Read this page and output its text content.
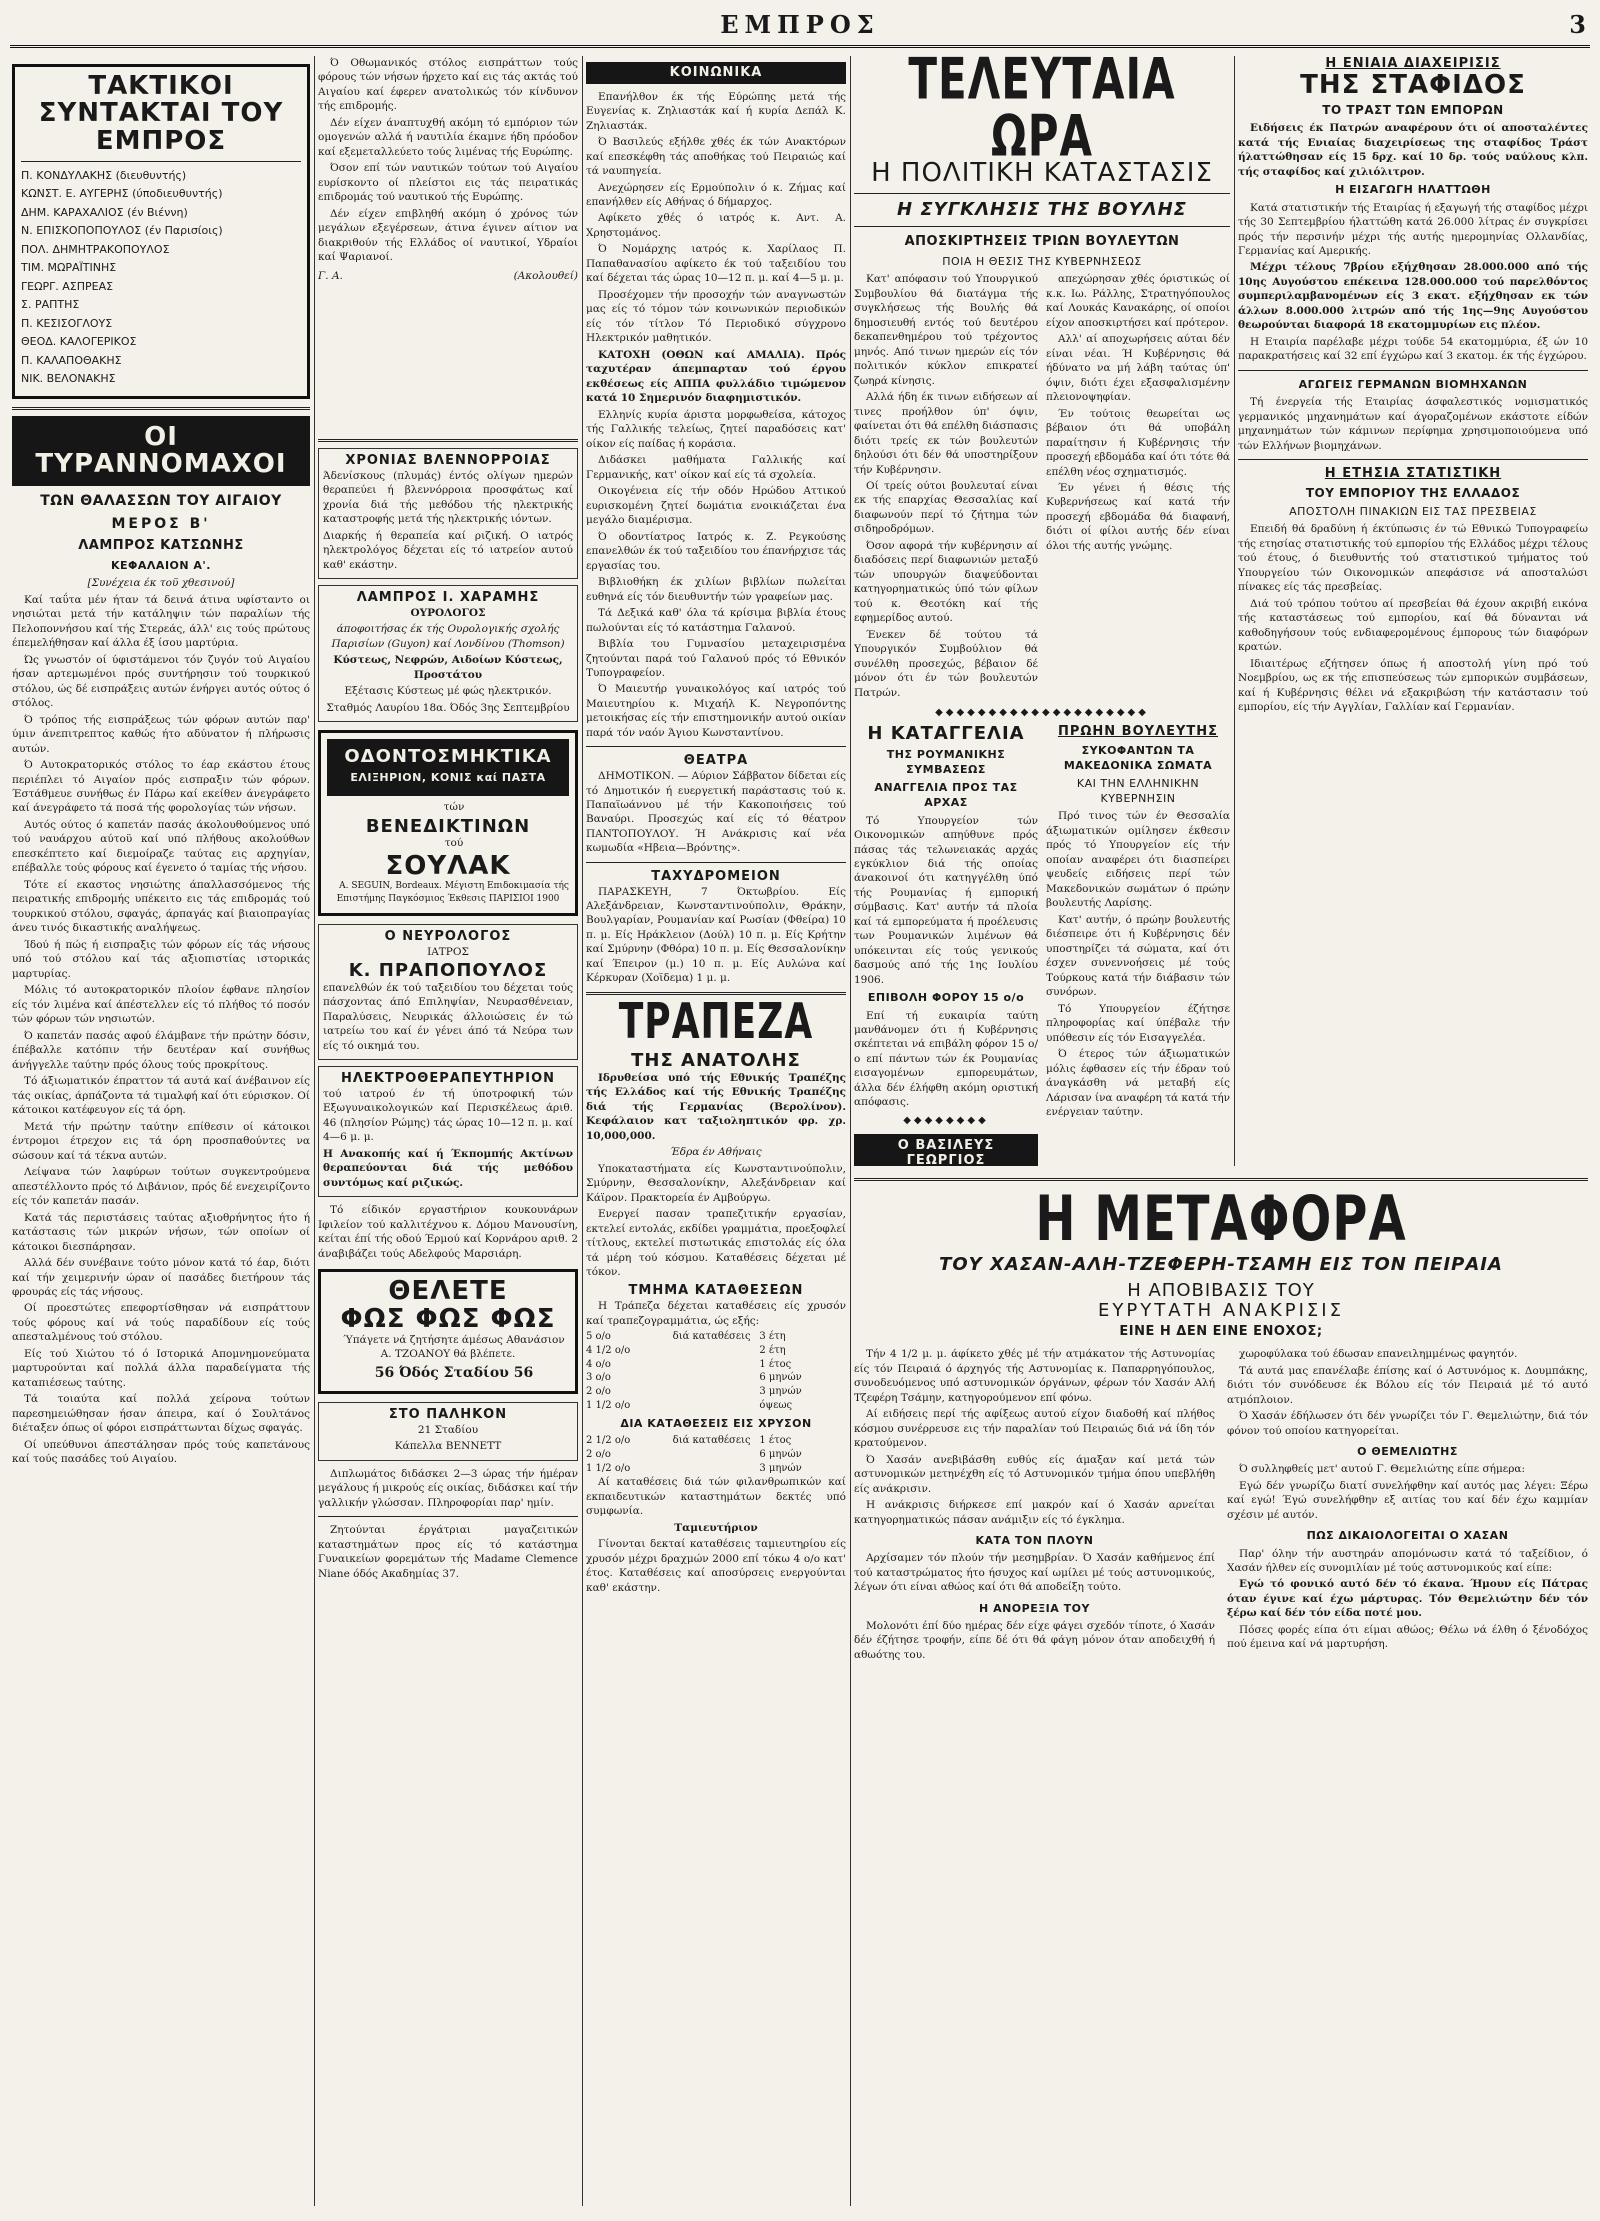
ΕΜΠΡΟΣ	3
ΤΑΚΤΙΚΟΙ ΣΥΝΤΑΚΤΑΙ ΤΟΥ ΕΜΠΡΟΣ

Π. ΚΟΝΔΥΛΑΚΗΣ (διευθυντής)

ΚΩΝΣΤ. Ε. ΑΥΓΕΡΗΣ (ύποδιευθυντής)

ΔΗΜ. ΚΑΡΑΧΑΛΙΟΣ (έν Βιέννη)

Ν. ΕΠΙΣΚΟΠΟΠΟΥΛΟΣ (έν Παρισίοις)

ΠΟΛ. ΔΗΜΗΤΡΑΚΟΠΟΥΛΟΣ

ΤΙΜ. ΜΩΡΑΪΤΙΝΗΣ

ΓΕΩΡΓ. ΑΣΠΡΕΑΣ

Σ. ΡΑΠΤΗΣ

Π. ΚΕΣΙΣΟΓΛΟΥΣ

ΘΕΟΔ. ΚΑΛΟΓΕΡΙΚΟΣ

Π. ΚΑΛΑΠΟΘΑΚΗΣ

ΝΙΚ. ΒΕΛΟΝΑΚΗΣ

ΟΙ ΤΥΡΑΝΝΟΜΑΧΟΙ
ΤΩΝ ΘΑΛΑΣΣΩΝ ΤΟΥ ΑΙΓΑΙΟΥ
ΜΕΡΟΣ Β'
ΛΑΜΠΡΟΣ ΚΑΤΣΩΝΗΣ
ΚΕΦΑΛΑΙΟΝ Α'.

[Συνέχεια έκ τοϋ χθεσινού]

Καί ταΰτα μέν ήταν τά δεινά άτινα υφίσταντο οι νησιώται μετά τήν κατάληψιν τών παραλίων τής Πελοποννήσου καί τής Στερεάς, άλλ' εις τούς πρώτους έπεμελήθησαν καί άλλα έξ ίσου μαρτύρια.

Ώς γνωστόν οί ύφιστάμενοι τόν ζυγόν τού Αιγαίου ήσαν αρτεμωμένοι πρός συντήρησιν τού τουρκικού στόλου, ώς δέ εισπράξεις αυτών ένήργει αυτός ούτος ό στόλος.

Ό τρόπος τής εισπράξεως τών φόρων αυτών παρ' ύμιν άνεπιτρεπτος καθώς ήτο αδύνατον ή πλήρωσις αυτών.

Ό Αυτοκρατορικός στόλος το έαρ εκάστου έτους περιέπλει τό Αιγαίον πρός εισπραξιν τών φόρων. Έστάθμευε συνήθως έν Πάρω καί εκείθεν άνεγράφετο καί άνεγράφετο τά ποσά τής φορολογίας τών νήσων.

Αυτός ούτος ό καπετάν πασάς άκολουθούμενος υπό τού ναυάρχου αύτοϋ καί υπό πλήθους ακολούθων επεσκέπτετο καί διεμοίραζε ταύτας εις αρχηγίαν, επέβαλλε τούς φόρους καί έγενετο ό ταμίας τής νήσου.

Τότε εί εκαστος νησιώτης άπαλλασσόμενος τής πειρατικής επιδρομής υπέκειτο εις τάς επιδρομάς τού τουρκικού στόλου, σφαγάς, άρπαγάς καί βιαιοπραγίας άνευ τινός δικαστικής αναλήψεως.

Ίδού ή πώς ή εισπραξις τών φόρων είς τάς νήσους υπό τού στόλου καί τάς αξιοπιστίας ιστορικάς μαρτυρίας.

Μόλις τό αυτοκρατορικόν πλοίον έφθανε πλησίον είς τόν λιμένα καί άπέστελλεν είς τό πλήθος τό ποσόν τών φόρων τών νησιωτών.

Ό καπετάν πασάς αφού έλάμβανε τήν πρώτην δόσιν, έπέβαλλε κατόπιν τήν δευτέραν καί συνήθως άνήγγελλε ταύτην πρός όλους τούς προκρίτους.

Τό άξιωματικόν έπραττον τά αυτά καί άνέβαινον είς τάς οικίας, άρπάζοντα τά τιμαλφή καί ότι εύρισκον. Οί κάτοικοι κατέφευγον είς τά όρη.

Μετά τήν πρώτην ταύτην επίθεσιν οί κάτοικοι έντρομοι έτρεχον εις τά όρη προσπαθούντες να σώσουν καί τά τέκνα αυτών.

Λείψανα τών λαφύρων τούτων συγκεντρούμενα απεστέλλοντο πρός τό Διβάνιον, πρός δέ ενεχειρίζοντο είς τόν καπετάν πασάν.

Κατά τάς περιστάσεις ταύτας αξιοθρήνητος ήτο ή κατάστασις τών μικρών νήσων, τών οποίων οί κάτοικοι διεσπάρησαν.

Αλλά δέν συνέβαινε τούτο μόνον κατά τό έαρ, διότι καί τήν χειμερινήν ώραν οί πασάδες διετήρουν τάς φρουράς είς τάς νήσους.

Οί προεστώτες επεφορτίσθησαν νά εισπράττουν τούς φόρους καί νά τούς παραδίδουν είς τούς απεσταλμένους τού στόλου.

Είς τού Χιώτου τό ό Ιστορικά Απομνημονεύματα μαρτυρούνται καί πολλά άλλα παραδείγματα τής καταπιέσεως ταύτης.

Τά τοιαύτα καί πολλά χείρονα τούτων παρεσημειώθησαν ήσαν άπειρα, καί ό Σουλτάνος διέταξεν όπως οί φόροι εισπράττωνται δίχως σφαγάς.

Οί υπεύθυνοι άπεστάλησαν πρός τούς καπετάνους καί τούς πασάδες τού Αιγαίου.

Ό Οθωμανικός στόλος εισπράττων τούς φόρους τών νήσων ήρχετο καί εις τάς ακτάς τού Αιγαίου καί έφερεν ανατολικώς τόν κίνδυνον τής επιδρομής.

Δέν είχεν άναπτυχθή ακόμη τό εμπόριον τών ομογενών αλλά ή ναυτιλία έκαμνε ήδη πρόοδον καί εξεμεταλλεύετο τούς λιμένας τής Ευρώπης.

Όσον επί τών ναυτικών τούτων τού Αιγαίου ευρίσκοντο οί πλείστοι εις τάς πειρατικάς επιδρομάς τού ναυτικού τής Ευρώπης.

Δέν είχεν επιβληθή ακόμη ό χρόνος τών μεγάλων εξεγέρσεων, άτινα έγινεν αίτιον να διακριθούν τής Ελλάδος οί ναυτικοί, Υδραίοι καί Ψαριανοί.

Γ. Α.	(Ακολουθεί)
ΧΡΟΝΙΑΣ ΒΛΕΝΝΟΡΡΟΙΑΣ

Άδενίσκους (πλυμάς) έντός ολίγων ημερών θεραπεύει ή βλεννόρροια προσφάτως καί χρονία διά τής μεθόδου τής ηλεκτρικής καταστροφής μετά τής ηλεκτρικής ιόντων.

Διαρκής ή θεραπεία καί ριζική. Ο ιατρός ηλεκτρολόγος δέχεται είς τό ιατρείον αυτού καθ' εκάστην.

ΛΑΜΠΡΟΣ Ι. ΧΑΡΑΜΗΣ

ΟΥΡΟΛΟΓΟΣ

άποφοιτήσας έκ τής Ουρολογικής σχολής Παρισίων (Guyon) καί Λονδίνου (Thomson)

Κύστεως, Νεφρών, Αιδοίων Κύστεως, Προστάτου

Εξέτασις Κύστεως μέ φώς ηλεκτρικόν.

Σταθμός Λαυρίου 18α. Όδός 3ης Σεπτεμβρίου

ΟΔΟΝΤΟΣΜΗΚΤΙΚΑ
ΕΛΙΞΗΡΙΟΝ, ΚΟΝΙΣ καί ΠΑΣΤΑ

τών

ΒΕΝΕΔΙΚΤΙΝΩΝ

τού

ΣΟΥΛΑΚ

Α. SEGUIN, Bordeaux. Μέγιστη Επιδοκιμασία τής Επιστήμης Παγκόσμιος Έκθεσις ΠΑΡΙΣΙΟΙ 1900

Ο ΝΕΥΡΟΛΟΓΟΣ

ΙΑΤΡΟΣ

Κ. ΠΡΑΠΟΠΟΥΛΟΣ

επανελθών έκ τού ταξειδίου του δέχεται τούς πάσχοντας άπό Επιληψίαν, Νευρασθένειαν, Παραλύσεις, Νευρικάς άλλοιώσεις έν τώ ιατρείω του καί έν γένει άπό τά Νεύρα των είς τό οικημά του.

ΗΛΕΚΤΡΟΘΕΡΑΠΕΥΤΗΡΙΟΝ

τού ιατρού έν τή ύποτροφική τών Εξωγυναικολογικών καί Περισκέλεως άριθ. 46 (πλησίον Ρώμης) τάς ώρας 10—12 π. μ. καί 4—6 μ. μ.

Η Ανακοπής καί ή Έκπομπής Ακτίνων θεραπεύονται διά τής μεθόδου συντόμως καί ριζικώς.

Τό είδικόν εργαστήριον κουκουνάρων Ιφιλείον τού καλλιτέχνου κ. Δόμου Μανουσίνη, κείται έπί τής οδού Έρμού καί Κορνάρου αριθ. 2 άναβιβάζει τούς Αδελφούς Μαρσιάρη.

ΘΕΛΕΤΕ
ΦΩΣ ΦΩΣ ΦΩΣ

Ύπάγετε νά ζητήσητε άμέσως Αθανάσιον Α. ΤΖΟΑΝΟΥ θά βλέπετε.

56 Όδός Σταδίου 56

ΣΤΟ ΠΑΛΗΚΟΝ

21 Σταδίου

Κάπελλα ΒΕΝΝΕΤΤ

Διπλωμάτος διδάσκει 2—3 ώρας τήν ήμέραν μεγάλους ή μικρούς είς οικίας, διδάσκει καί τήν γαλλικήν γλώσσαν. Πληροφορίαι παρ' ημίν.

Ζητούνται έργάτριαι μαγαζειτικών καταστημάτων προς είς τό κατάστημα Γυναικείων φορεμάτων τής Madame Clemence Niane όδός Ακαδημίας 37.

ΚΟΙΝΩΝΙΚΑ

Επανήλθον έκ τής Εύρώπης μετά τής Ευγενίας κ. Ζηλιαστάκ καί ή κυρία Δεπάλ Κ. Ζηλιαστάκ.

Ό Βασιλεύς εξήλθε χθές έκ τών Ανακτόρων καί επεσκέφθη τάς αποθήκας τού Πειραιώς καί τά ναυπηγεία.

Ανεχώρησεν είς Ερμούπολιν ό κ. Ζήμας καί επανήλθεν είς Αθήνας ό δήμαρχος.

Αφίκετο χθές ό ιατρός κ. Αντ. Α. Χρηστομάνος.

Ό Νομάρχης ιατρός κ. Χαρίλαος Π. Παπαθανασίου αφίκετο έκ τού ταξειδίου του καί δέχεται τάς ώρας 10—12 π. μ. καί 4—5 μ. μ.

Προσέχομεν τήν προσοχήν τών αναγνωστών μας είς τό τόμον τών κοινωνικών περιοδικών είς τόν τίτλον Τό Περιοδικό σύγχρονο Ηλεκτρικόν μαθητικόν.

ΚΑΤΟΧΗ (ΟΘΩΝ καί ΑΜΑΛΙΑ). Πρός ταχυτέραν άπεμπαρταν τού έργου εκθέσεως είς ΑΠΠΑ φυλλάδιο τιμώμενον κατά 10 Σημερινόν διαφημιστικόν.

Ελληνίς κυρία άριστα μορφωθείσα, κάτοχος τής Γαλλικής τελείως, ζητεί παραδόσεις κατ' οίκον είς παίδας ή κοράσια.

Διδάσκει μαθήματα Γαλλικής καί Γερμανικής, κατ' οίκον καί είς τά σχολεία.

Οικογένεια είς τήν οδόν Ηρώδου Αττικού ευρισκομένη ζητεί δωμάτια ενοικιάζεται ένα μεγάλο διαμέρισμα.

Ό οδοντίατρος Ιατρός κ. Ζ. Ρεγκούσης επανελθών έκ τού ταξειδίου του έπανήρχισε τάς εργασίας του.

Βιβλιοθήκη έκ χιλίων βιβλίων πωλείται ευθηνά είς τόν διευθυντήν τών γραφείων μας.

Τά Δεξικά καθ' όλα τά κρίσιμα βιβλία έτους πωλούνται είς τό κατάστημα Γαλανού.

Βιβλία του Γυμνασίου μεταχειρισμένα ζητούνται παρά τού Γαλανού πρός τό Εθνικόν Τυπογραφείον.

Ό Μαιευτήρ γυναικολόγος καί ιατρός τού Μαιευτηρίου κ. Μιχαήλ Κ. Νεγροπόντης μετοικήσας είς τήν επιστημονικήν αυτού οικίαν παρά τόν ναόν Άγιου Κωνσταντίνου.

ΘΕΑΤΡΑ

ΔΗΜΟΤΙΚΟΝ. — Αύριον Σάββατον δίδεται είς τό Δημοτικόν ή ευεργετική παράστασις τού κ. Παπαϊωάννου μέ τήν Κακοποιήσεις τού Βαναύρι. Προσεχώς καί είς τό θέατρον ΠΑΝΤΟΠΟΥΛΟΥ. Ή Ανάκρισις καί νέα κωμωδία «Ηβεια—Βρόντης».

ΤΑΧΥΔΡΟΜΕΙΟΝ

ΠΑΡΑΣΚΕΥΗ, 7 Όκτωβρίου. Είς Αλεξάνδρειαν, Κωνσταντινούπολιν, Θράκην, Βουλγαρίαν, Ρουμανίαν καί Ρωσίαν (Φθείρα) 10 π. μ. Είς Ηράκλειον (Δούλ) 10 π. μ. Είς Κρήτην καί Σμύρνην (Φθόρα) 10 π. μ. Είς Θεσσαλονίκην καί Έπειρον (μ.) 10 π. μ. Είς Αυλώνα καί Κέρκυραν (Χοϊδεμα) 1 μ. μ.

ΤΡΑΠΕΖΑ
ΤΗΣ ΑΝΑΤΟΛΗΣ

Ιδρυθείσα υπό τής Εθνικής Τραπέζης τής Ελλάδος καί τής Εθνικής Τραπέζης διά τής Γερμανίας (Βερολίνον). Κεφάλαιον κατ ταξιοληπτικόν φρ. χρ. 10,000,000.

Έδρα έν Αθήναις

Υποκαταστήματα είς Κωνσταντινούπολιν, Σμύρνην, Θεσσαλονίκην, Αλεξάνδρειαν καί Κάϊρον. Πρακτορεία έν Αμβούργω.

Ενεργεί πασαν τραπεζιτικήν εργασίαν, εκτελεί εντολάς, εκδίδει γραμμάτια, προεξοφλεί τίτλους, εκτελεί πιστωτικάς επιστολάς είς όλα τά μέρη τού κόσμου. Καταθέσεις δέχεται μέ τόκον.

ΤΜΗΜΑ ΚΑΤΑΘΕΣΕΩΝ

Η Τράπεζα δέχεται καταθέσεις είς χρυσόν καί τραπεζογραμμάτια, ώς εξής:

5 ο/ο	διά καταθέσεις 3 έτη
4 1/2 ο/ο	2 έτη
4 ο/ο	1 έτος
3 ο/ο	6 μηνών
2 ο/ο	3 μηνών
1 1/2 ο/ο	όψεως
ΔΙΑ ΚΑΤΑΘΕΣΕΙΣ ΕΙΣ ΧΡΥΣΟΝ
2 1/2 ο/ο	διά καταθέσεις 1 έτος
2 ο/ο	6 μηνών
1 1/2 ο/ο	3 μηνών

Αί καταθέσεις διά τών φιλανθρωπικών καί εκπαιδευτικών καταστημάτων δεκτές υπό συμφωνία.

Ταμιευτήριον

Γίνονται δεκταί καταθέσεις ταμιευτηρίου είς χρυσόν μέχρι δραχμών 2000 επί τόκω 4 ο/ο κατ' έτος. Καταθέσεις καί αποσύρσεις ενεργούνται καθ' εκάστην.

ΤΕΛΕΥΤΑΙΑ ΩΡΑ
Η ΠΟΛΙΤΙΚΗ ΚΑΤΑΣΤΑΣΙΣ
Η ΣΥΓΚΛΗΣΙΣ ΤΗΣ ΒΟΥΛΗΣ
ΑΠΟΣΚΙΡΤΗΣΕΙΣ ΤΡΙΩΝ ΒΟΥΛΕΥΤΩΝ
ΠΟΙΑ Η ΘΕΣΙΣ ΤΗΣ ΚΥΒΕΡΝΗΣΕΩΣ

Κατ' απόφασιν τού Υπουργικού Συμβουλίου θά διατάγμα τής συγκλήσεως τής Βουλής θά δημοσιευθή εντός τού δευτέρου δεκαπενθημέρου τού τρέχοντος μηνός. Από τινων ημερών είς τόν πολιτικόν κύκλον επικρατεί ζωηρά κίνησις.

Αλλά ήδη έκ τινων ειδήσεων αί τινες προήλθον ύπ' όψιν, φαίνεται ότι θά επέλθη διάσπασις διότι τρείς εκ τών βουλευτών δηλούσι ότι δέν θά υποστηρίξουν τήν Κυβέρνησιν.

Οί τρείς ούτοι βουλευταί είναι εκ τής επαρχίας Θεσσαλίας καί διαφωνούν περί τό ζήτημα τών σιδηροδρόμων.

Όσον αφορά τήν κυβέρνησιν αί διαδόσεις περί διαφωνιών μεταξύ τών υπουργών διαψεύδονται κατηγορηματικώς ύπό τών φίλων τού κ. Θεοτόκη καί τής εφημερίδος αυτού.

Ένεκεν δέ τούτου τά Υπουργικόν Συμβούλιον θά συνέλθη προσεχώς, βέβαιον δέ μόνον ότι έν τών βουλευτών Πατρών.

απεχώρησαν χθές όριστικώς οί κ.κ. Ιω. Ράλλης, Στρατηγόπουλος καί Λουκάς Κανακάρης, οί οποίοι είχον αποσκιρτήσει καί πρότερον.

Αλλ' αί αποχωρήσεις αύται δέν είναι νέαι. Ή Κυβέρνησις θά ήδύνατο να μή λάβη ταύτας ύπ' όψιν, διότι έχει εξασφαλισμένην πλειονοψηφίαν.

Έν τούτοις θεωρείται ως βέβαιον ότι θά υποβάλη παραίτησιν ή Κυβέρνησις τήν προσεχή εβδομάδα καί ότι τότε θά επέλθη νέος σχηματισμός.

Έν γένει ή θέσις τής Κυβερνήσεως καί κατά τήν προσεχή εβδομάδα θά διαφανή, διότι οί φίλοι αυτής δέν είναι όλοι τής αυτής γνώμης.

◆◆◆◆◆◆◆◆◆◆◆◆◆◆◆◆◆◆◆◆
Η ΚΑΤΑΓΓΕΛΙΑ
ΤΗΣ ΡΟΥΜΑΝΙΚΗΣ ΣΥΜΒΑΣΕΩΣ
ΑΝΑΓΓΕΛΙΑ ΠΡΟΣ ΤΑΣ ΑΡΧΑΣ

Τό Υπουργείον τών Οικονομικών απηύθυνε πρός πάσας τάς τελωνειακάς αρχάς εγκύκλιον διά τής οποίας άνακοινοί ότι κατηγγέλθη ύπό τής Ρουμανίας ή εμπορική σύμβασις. Κατ' αυτήν τά πλοία καί τά εμπορεύματα ή προέλευσις των Ρουμανικών λιμένων θά υπόκεινται είς τούς γενικούς δασμούς από τής 1ης Ιουλίου 1906.

ΕΠΙΒΟΛΗ ΦΟΡΟΥ 15 ο/ο

Επί τή ευκαιρία ταύτη μανθάνομεν ότι ή Κυβέρνησις σκέπτεται νά επιβάλη φόρον 15 ο/ο επί πάντων τών έκ Ρουμανίας εισαγομένων εμπορευμάτων, άλλα δέν έλήφθη ακόμη οριστική απόφασις.

◆◆◆◆◆◆◆◆
Ο ΒΑΣΙΛΕΥΣ ΓΕΩΡΓΙΟΣ

ΠΡΩΗΝ ΒΟΥΛΕΥΤΗΣ
ΣΥΚΟΦΑΝΤΩΝ ΤΑ ΜΑΚΕΔΟΝΙΚΑ ΣΩΜΑΤΑ
ΚΑΙ ΤΗΝ ΕΛΛΗΝΙΚΗΝ ΚΥΒΕΡΝΗΣΙΝ

Πρό τινος τών έν Θεσσαλία άξιωματικών ομίλησεν έκθεσιν πρός τό Υπουργείον είς τήν οποίαν αναφέρει ότι διασπείρει ψευδείς ειδήσεις περί τών Μακεδονικών σωμάτων ό πρώην βουλευτής Λαρίσης.

Κατ' αυτήν, ό πρώην βουλευτής διέσπειρε ότι ή Κυβέρνησις δέν υποστηρίζει τά σώματα, καί ότι έσχεν συνεννοήσεις μέ τούς Τούρκους κατά τήν διάβασιν τών συνόρων.

Τό Υπουργείον έζήτησε πληροφορίας καί ύπέβαλε τήν υπόθεσιν είς τόν Εισαγγελέα.

Ό έτερος τών άξιωματικών μόλις έφθασεν είς τήν έδραν τού άναγκάσθη νά μεταβή είς Λάρισαν ίνα αναφέρη τά κατά τήν ενέργειαν ταύτην.

Η ΕΝΙΑΙΑ ΔΙΑΧΕΙΡΙΣΙΣ
ΤΗΣ ΣΤΑΦΙΔΟΣ
ΤΟ ΤΡΑΣΤ ΤΩΝ ΕΜΠΟΡΩΝ

Ειδήσεις έκ Πατρών αναφέρουν ότι οί αποσταλέντες κατά τής Ενιαίας διαχειρίσεως της σταφίδος Τράστ ήλαττώθησαν είς 15 δρχ. καί 10 δρ. τούς ναύλους κλπ. τής σταφίδος καί χιλιόλιτρον.

Η ΕΙΣΑΓΩΓΗ ΗΛΑΤΤΩΘΗ

Κατά στατιστικήν τής Εταιρίας ή εξαγωγή τής σταφίδος μέχρι τής 30 Σεπτεμβρίου ήλαττώθη κατά 26.000 λίτρας έν συγκρίσει πρός τήν περσινήν μέχρι τής αυτής ημερομηνίας Ολλανδίας, Γερμανίας καί Αμερικής.

Μέχρι τέλους 7βρίου εξήχθησαν 28.000.000 από τής 10ης Αυγούστου επέκεινα 128.000.000 τού παρελθόντος συμπεριλαμβανομένων είς 3 εκατ. εξήχθησαν εκ τών άλλων 8.000.000 λιτρών από τής 1ης—9ης Αυγούστου θεωρούνται διαφορά 18 εκατομμυρίων εις πλέον.

Η Εταιρία παρέλαβε μέχρι τούδε 54 εκατομμύρια, έξ ών 10 παρακρατήσεις καί 32 επί έγχώρω καί 3 εκατομ. έκ τής έγχώρου.

ΑΓΩΓΕΙΣ ΓΕΡΜΑΝΩΝ ΒΙΟΜΗΧΑΝΩΝ

Τή ένεργεία τής Εταιρίας άσφαλεστικός νομισματικός γερμανικός μηχανημάτων καί άγοραζομένων εκάστοτε είδών μηχανημάτων τών κάμινων περίφημα χρησιμοποιούμενα υπό τών Ελλήνων βιομηχάνων.

Η ΕΤΗΣΙΑ ΣΤΑΤΙΣΤΙΚΗ
ΤΟΥ ΕΜΠΟΡΙΟΥ ΤΗΣ ΕΛΛΑΔΟΣ
ΑΠΟΣΤΟΛΗ ΠΙΝΑΚΙΩΝ ΕΙΣ ΤΑΣ ΠΡΕΣΒΕΙΑΣ

Επειδή θά δραδύνη ή έκτύπωσις έν τώ Εθνικώ Τυπογραφείω τής ετησίας στατιστικής τού εμπορίου τής Ελλάδος μέχρι τέλους τού έτους, ό διευθυντής τού στατιστικού τμήματος τού Υπουργείου τών Οικονομικών απεφάσισε νά αποσταλώσι πίνακες είς τάς πρεσβείας.

Διά τού τρόπου τούτου αί πρεσβείαι θά έχουν ακριβή εικόνα τής καταστάσεως τού εμπορίου, καί θά δύνανται νά καθοδηγήσουν τούς ενδιαφερομένους έμπορους τών διαφόρων κρατών.

Ιδιαιτέρως εζήτησεν όπως ή αποστολή γίνη πρό τού Νοεμβρίου, ως εκ τής επισπεύσεως τών εμπορικών συμβάσεων, καί ή Κυβέρνησις θέλει νά εξακριβώση τήν κατάστασιν τού εμπορίου, είς τήν Αγγλίαν, Γαλλίαν καί Γερμανίαν.

Η ΜΕΤΑΦΟΡΑ
ΤΟΥ ΧΑΣΑΝ-ΑΛΗ-ΤΖΕΦΕΡΗ-ΤΣΑΜΗ ΕΙΣ ΤΟΝ ΠΕΙΡΑΙΑ
Η ΑΠΟΒΙΒΑΣΙΣ ΤΟΥ
ΕΥΡΥΤΑΤΗ ΑΝΑΚΡΙΣΙΣ
ΕΙΝΕ Η ΔΕΝ ΕΙΝΕ ΕΝΟΧΟΣ;

Τήν 4 1/2 μ. μ. άφίκετο χθές μέ τήν ατμάκατον τής Αστυνομίας είς τόν Πειραιά ό άρχηγός τής Αστυνομίας κ. Παπαρρηγόπουλος, συνοδευόμενος υπό αστυνομικών όργάνων, φέρων τόν Χασάν Αλή Τζεφέρη Τσάμην, κατηγορούμενον επί φόνω.

Αί ειδήσεις περί τής αφίξεως αυτού είχον διαδοθή καί πλήθος κόσμου συνέρρευσε εις τήν παραλίαν τού Πειραιώς διά νά ίδη τόν κρατούμενον.

Ό Χασάν ανεβιβάσθη ευθύς είς άμαξαν καί μετά τών αστυνομικών μετηνέχθη είς τό Αστυνομικόν τμήμα όπου υπεβλήθη είς ανάκρισιν.

Η ανάκρισις διήρκεσε επί μακρόν καί ό Χασάν αρνείται κατηγορηματικώς πάσαν ανάμιξιν είς τό έγκλημα.

ΚΑΤΑ ΤΟΝ ΠΛΟΥΝ

Αρχίσαμεν τόν πλούν τήν μεσημβρίαν. Ό Χασάν καθήμενος έπί τού καταστρώματος ήτο ήσυχος καί ωμίλει μέ τούς αστυνομικούς, λέγων ότι είναι αθώος καί ότι θά αποδείξη τούτο.

Η ΑΝΟΡΕΞΙΑ ΤΟΥ

Μολονότι έπί δύο ημέρας δέν είχε φάγει σχεδόν τίποτε, ό Χασάν δέν έζήτησε τροφήν, είπε δέ ότι θά φάγη μόνον όταν αποδειχθή ή αθωότης του.

χωροφύλακα τού έδωσαν επανειλημμένως φαγητόν.

Τά αυτά μας επανέλαβε έπίσης καί ό Αστυνόμος κ. Δουμπάκης, διότι τόν συνόδευσε έκ Βόλου είς τόν Πειραιά μέ τό αυτό ατμόπλοιον.

Ό Χασάν έδήλωσεν ότι δέν γνωρίζει τόν Γ. Θεμελιώτην, διά τόν φόνον τού οποίου κατηγορείται.

Ο ΘΕΜΕΛΙΩΤΗΣ

Ό συλληφθείς μετ' αυτού Γ. Θεμελιώτης είπε σήμερα:

Εγώ δέν γνωρίζω διατί συνελήφθην καί αυτός μας λέγει: Ξέρω καί εγώ! Έγώ συνελήφθην εξ αιτίας του καί δέν έχω καμμίαν σχέσιν μέ αυτόν.

ΠΩΣ ΔΙΚΑΙΟΛΟΓΕΙΤΑΙ Ο ΧΑΣΑΝ

Παρ' όλην τήν αυστηράν απομόνωσιν κατά τό ταξείδιον, ό Χασάν ήλθεν είς συνομιλίαν μέ τούς αστυνομικούς καί είπε:

Εγώ τό φονικό αυτό δέν τό έκανα. Ήμουν είς Πάτρας όταν έγινε καί έχω μάρτυρας. Τόν Θεμελιώτην δέν τόν ξέρω καί δέν τόν είδα ποτέ μου.

Πόσες φορές είπα ότι είμαι αθώος; Θέλω νά έλθη ό ξένοδόχος πού έμεινα καί νά μαρτυρήση.
